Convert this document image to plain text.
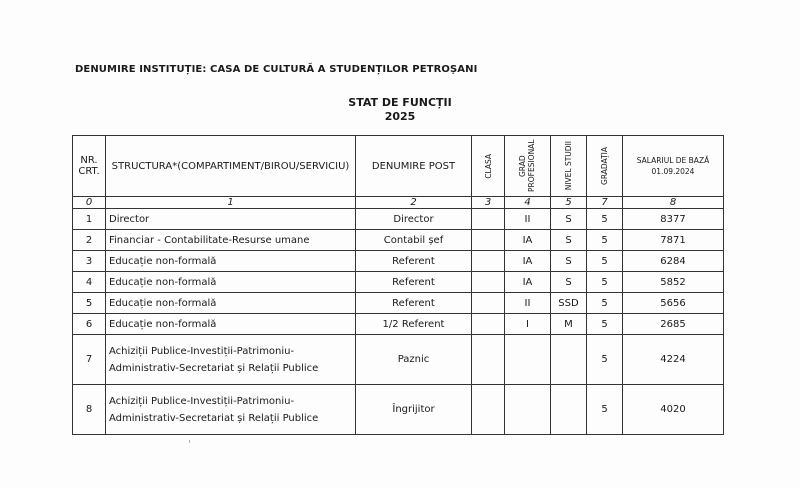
DENUMIRE INSTITUȚIE: CASA DE CULTURĂ A STUDENȚILOR PETROȘANI
STAT DE FUNCȚII
2025
NR. CRT.	STRUCTURA*(COMPARTIMENT/BIROU/SERVICIU)	DENUMIRE POST	CLASA	GRAD PROFESIONAL	NIVEL STUDII	GRADAȚIA	SALARIUL DE BAZĂ 01.09.2024
0	1	2	3	4	5	7	8
1	Director	Director		II	S	5	8377
2	Financiar - Contabilitate-Resurse umane	Contabil șef		IA	S	5	7871
3	Educație non-formală	Referent		IA	S	5	6284
4	Educație non-formală	Referent		IA	S	5	5852
5	Educație non-formală	Referent		II	SSD	5	5656
6	Educație non-formală	1/2 Referent		I	M	5	2685
7	Achiziții Publice-Investiții-Patrimoniu-Administrativ-Secretariat și Relații Publice	Paznic				5	4224
8	Achiziții Publice-Investiții-Patrimoniu-Administrativ-Secretariat și Relații Publice	Îngrijitor				5	4020
